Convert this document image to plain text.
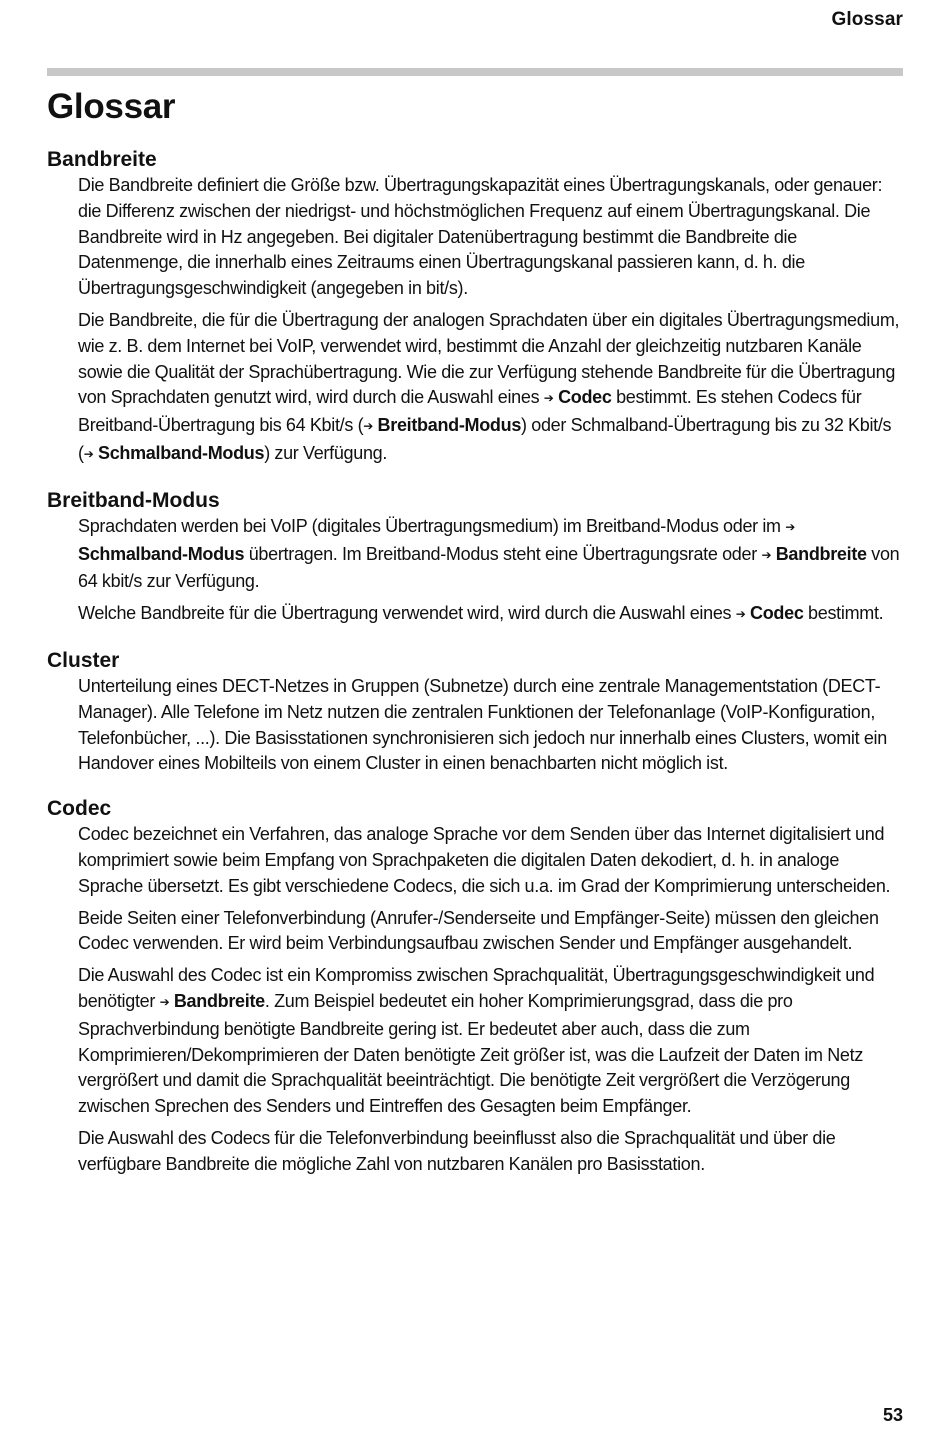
Glossar
Glossar
Bandbreite

Die Bandbreite definiert die Größe bzw. Übertragungskapazität eines Übertragungskanals, oder genauer: die Differenz zwischen der niedrigst- und höchstmöglichen Frequenz auf einem Übertragungskanal. Die Bandbreite wird in Hz angegeben. Bei digitaler Datenübertragung bestimmt die Bandbreite die Datenmenge, die innerhalb eines Zeitraums einen Übertragungskanal passieren kann, d. h. die Übertragungsgeschwindigkeit (angegeben in bit/s).

Die Bandbreite, die für die Übertragung der analogen Sprachdaten über ein digitales Übertragungsmedium, wie z. B. dem Internet bei VoIP, verwendet wird, bestimmt die Anzahl der gleichzeitig nutzbaren Kanäle sowie die Qualität der Sprachübertragung. Wie die zur Verfügung stehende Bandbreite für die Übertragung von Sprachdaten genutzt wird, wird durch die Auswahl eines ➔ Codec bestimmt. Es stehen Codecs für Breitband-Übertragung bis 64 Kbit/s (➔ Breitband-Modus) oder Schmalband-Übertragung bis zu 32 Kbit/s (➔ Schmalband-Modus) zur Verfügung.

Breitband-Modus

Sprachdaten werden bei VoIP (digitales Übertragungsmedium) im Breitband-Modus oder im ➔ Schmalband-Modus übertragen. Im Breitband-Modus steht eine Übertragungsrate oder ➔ Bandbreite von 64 kbit/s zur Verfügung.

Welche Bandbreite für die Übertragung verwendet wird, wird durch die Auswahl eines ➔ Codec bestimmt.

Cluster

Unterteilung eines DECT-Netzes in Gruppen (Subnetze) durch eine zentrale Managementstation (DECT-Manager). Alle Telefone im Netz nutzen die zentralen Funktionen der Telefonanlage (VoIP-Konfiguration, Telefonbücher, ...). Die Basisstationen synchronisieren sich jedoch nur innerhalb eines Clusters, womit ein Handover eines Mobilteils von einem Cluster in einen benachbarten nicht möglich ist.

Codec

Codec bezeichnet ein Verfahren, das analoge Sprache vor dem Senden über das Internet digitalisiert und komprimiert sowie beim Empfang von Sprachpaketen die digitalen Daten dekodiert, d. h. in analoge Sprache übersetzt. Es gibt verschiedene Codecs, die sich u.a. im Grad der Komprimierung unterscheiden.

Beide Seiten einer Telefonverbindung (Anrufer-/Senderseite und Empfänger-Seite) müssen den gleichen Codec verwenden. Er wird beim Verbindungsaufbau zwischen Sender und Empfänger ausgehandelt.

Die Auswahl des Codec ist ein Kompromiss zwischen Sprachqualität, Übertragungsgeschwindigkeit und benötigter ➔ Bandbreite. Zum Beispiel bedeutet ein hoher Komprimierungsgrad, dass die pro Sprachverbindung benötigte Bandbreite gering ist. Er bedeutet aber auch, dass die zum Komprimieren/Dekomprimieren der Daten benötigte Zeit größer ist, was die Laufzeit der Daten im Netz vergrößert und damit die Sprachqualität beeinträchtigt. Die benötigte Zeit vergrößert die Verzögerung zwischen Sprechen des Senders und Eintreffen des Gesagten beim Empfänger.

Die Auswahl des Codecs für die Telefonverbindung beeinflusst also die Sprachqualität und über die verfügbare Bandbreite die mögliche Zahl von nutzbaren Kanälen pro Basisstation.

53
